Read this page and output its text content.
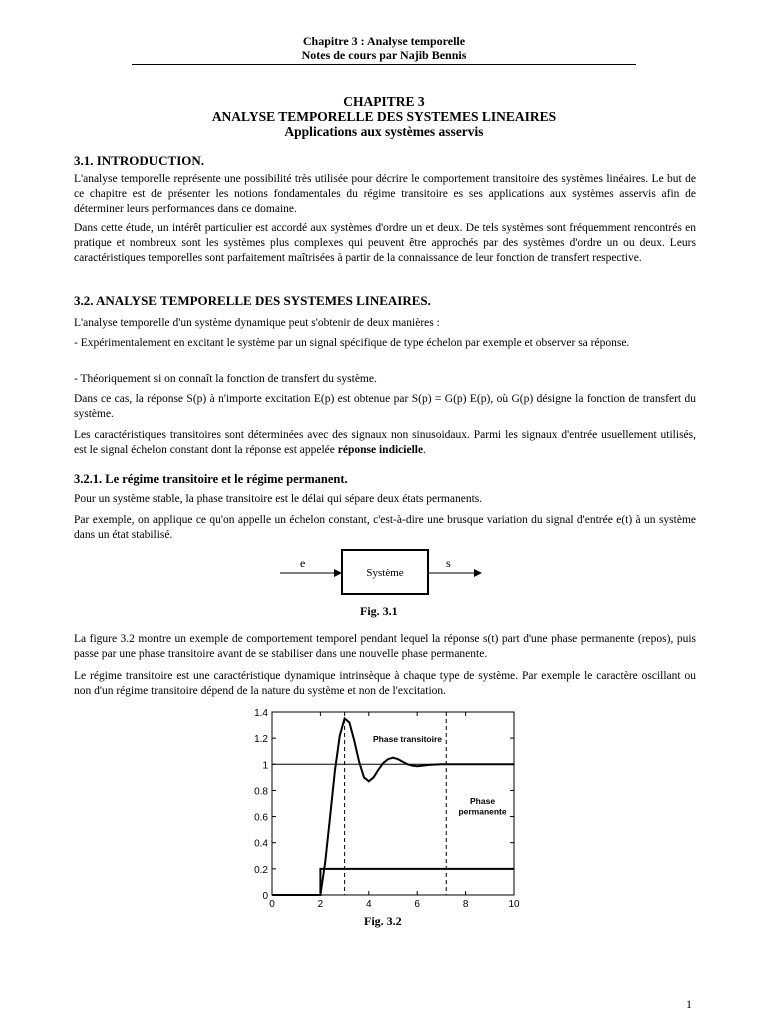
Chapitre 3 : Analyse temporelle
Notes de cours par Najib Bennis
CHAPITRE 3
ANALYSE TEMPORELLE DES SYSTEMES LINEAIRES
Applications aux systèmes asservis
3.1. INTRODUCTION.
L'analyse temporelle représente une possibilité très utilisée pour décrire le comportement transitoire des systèmes linéaires. Le but de ce chapitre est de présenter les notions fondamentales du régime transitoire es ses applications aux systèmes asservis afin de déterminer leurs performances dans ce domaine.
Dans cette étude, un intérêt particulier est accordé aux systèmes d'ordre un et deux. De tels systèmes sont fréquemment rencontrés en pratique et nombreux sont les systèmes plus complexes qui peuvent être approchés par des systèmes d'ordre un ou deux. Leurs caractéristiques temporelles sont parfaitement maîtrisées à partir de la connaissance de leur fonction de transfert respective.
3.2. ANALYSE TEMPORELLE DES SYSTEMES LINEAIRES.
L'analyse temporelle d'un système dynamique peut s'obtenir de deux manières :
- Expérimentalement en excitant le système par un signal spécifique de type échelon par exemple et observer sa réponse.
- Théoriquement si on connaît la fonction de transfert du système.
Dans ce cas, la réponse S(p) à n'importe excitation E(p) est obtenue par S(p) = G(p) E(p), où G(p) désigne la fonction de transfert du système.
Les caractéristiques transitoires sont déterminées avec des signaux non sinusoidaux. Parmi les signaux d'entrée usuellement utilisés, est le signal échelon constant dont la réponse est appelée réponse indicielle.
3.2.1. Le régime transitoire et le régime permanent.
Pour un système stable, la phase transitoire est le délai qui sépare deux états permanents.
Par exemple, on applique ce qu'on appelle un échelon constant, c'est-à-dire une brusque variation du signal d'entrée e(t) à un système dans un état stabilisé.
Système
e	s
Fig. 3.1
La figure 3.2 montre un exemple de comportement temporel pendant lequel la réponse s(t) part d'une phase permanente (repos), puis passe par une phase transitoire avant de se stabiliser dans une nouvelle phase permanente.
Le régime transitoire est une caractéristique dynamique intrinsèque à chaque type de système. Par exemple le caractère oscillant ou non d'un régime transitoire dépend de la nature du système et non de l'excitation.
0
0.2
0.4
0.6
0.8
1
1.2
1.4
0	2	4	6	8	10
Phase transitoire
Phase
permanente
Fig. 3.2
1
